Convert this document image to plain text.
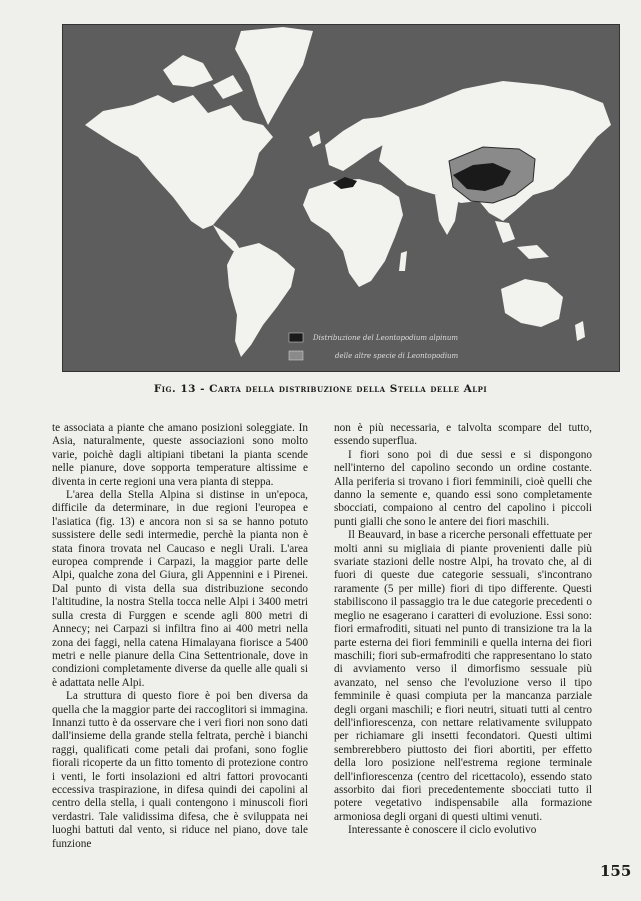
Distribuzione del Leontopodium alpinum
delle altre specie di Leontopodium
Fig. 13 - Carta della distribuzione della Stella delle Alpi

te associata a piante che amano posizioni soleggiate. In Asia, naturalmente, queste associazioni sono molto varie, poichè dagli altipiani tibetani la pianta scende nelle pianure, dove sopporta temperature altissime e diventa in certe regioni una vera pianta di steppa.

L'area della Stella Alpina si distinse in un'epoca, difficile da determinare, in due regioni l'europea e l'asiatica (fig. 13) e ancora non si sa se hanno potuto sussistere delle sedi intermedie, perchè la pianta non è stata finora trovata nel Caucaso e negli Urali. L'area europea comprende i Carpazi, la maggior parte delle Alpi, qualche zona del Giura, gli Appennini e i Pirenei. Dal punto di vista della sua distribuzione secondo l'altitudine, la nostra Stella tocca nelle Alpi i 3400 metri sulla cresta di Furggen e scende agli 800 metri di Annecy; nei Carpazi si infiltra fino ai 400 metri nella zona dei faggi, nella catena Himalayana fiorisce a 5400 metri e nelle pianure della Cina Settentrionale, dove in condizioni completamente diverse da quelle alle quali si è adattata nelle Alpi.

La struttura di questo fiore è poi ben diversa da quella che la maggior parte dei raccoglitori si immagina. Innanzi tutto è da osservare che i veri fiori non sono dati dall'insieme della grande stella feltrata, perchè i bianchi raggi, qualificati come petali dai profani, sono foglie fiorali ricoperte da un fitto tomento di protezione contro i venti, le forti insolazioni ed altri fattori provocanti eccessiva traspirazione, in difesa quindi dei capolini al centro della stella, i quali contengono i minuscoli fiori verdastri. Tale validissima difesa, che è sviluppata nei luoghi battuti dal vento, si riduce nel piano, dove tale funzione

non è più necessaria, e talvolta scompare del tutto, essendo superflua.

I fiori sono poi di due sessi e si dispongono nell'interno del capolino secondo un ordine costante. Alla periferia si trovano i fiori femminili, cioè quelli che danno la semente e, quando essi sono completamente sbocciati, compaiono al centro del capolino i piccoli punti gialli che sono le antere dei fiori maschili.

Il Beauvard, in base a ricerche personali effettuate per molti anni su migliaia di piante provenienti dalle più svariate stazioni delle nostre Alpi, ha trovato che, al di fuori di queste due categorie sessuali, s'incontrano raramente (5 per mille) fiori di tipo differente. Questi stabiliscono il passaggio tra le due categorie precedenti o meglio ne esagerano i caratteri di evoluzione. Essi sono: fiori ermafroditi, situati nel punto di transizione tra la la parte esterna dei fiori femminili e quella interna dei fiori maschili; fiori sub-ermafroditi che rappresentano lo stato di avviamento verso il dimorfismo sessuale più avanzato, nel senso che l'evoluzione verso il tipo femminile è quasi compiuta per la mancanza parziale degli organi maschili; e fiori neutri, situati tutti al centro dell'infiorescenza, con nettare relativamente sviluppato per richiamare gli insetti fecondatori. Questi ultimi sembrerebbero piuttosto dei fiori abortiti, per effetto della loro posizione nell'estrema regione terminale dell'infiorescenza (centro del ricettacolo), essendo stato assorbito dai fiori precedentemente sbocciati tutto il potere vegetativo indispensabile alla formazione armoniosa degli organi di questi ultimi venuti.

Interessante è conoscere il ciclo evolutivo

155
